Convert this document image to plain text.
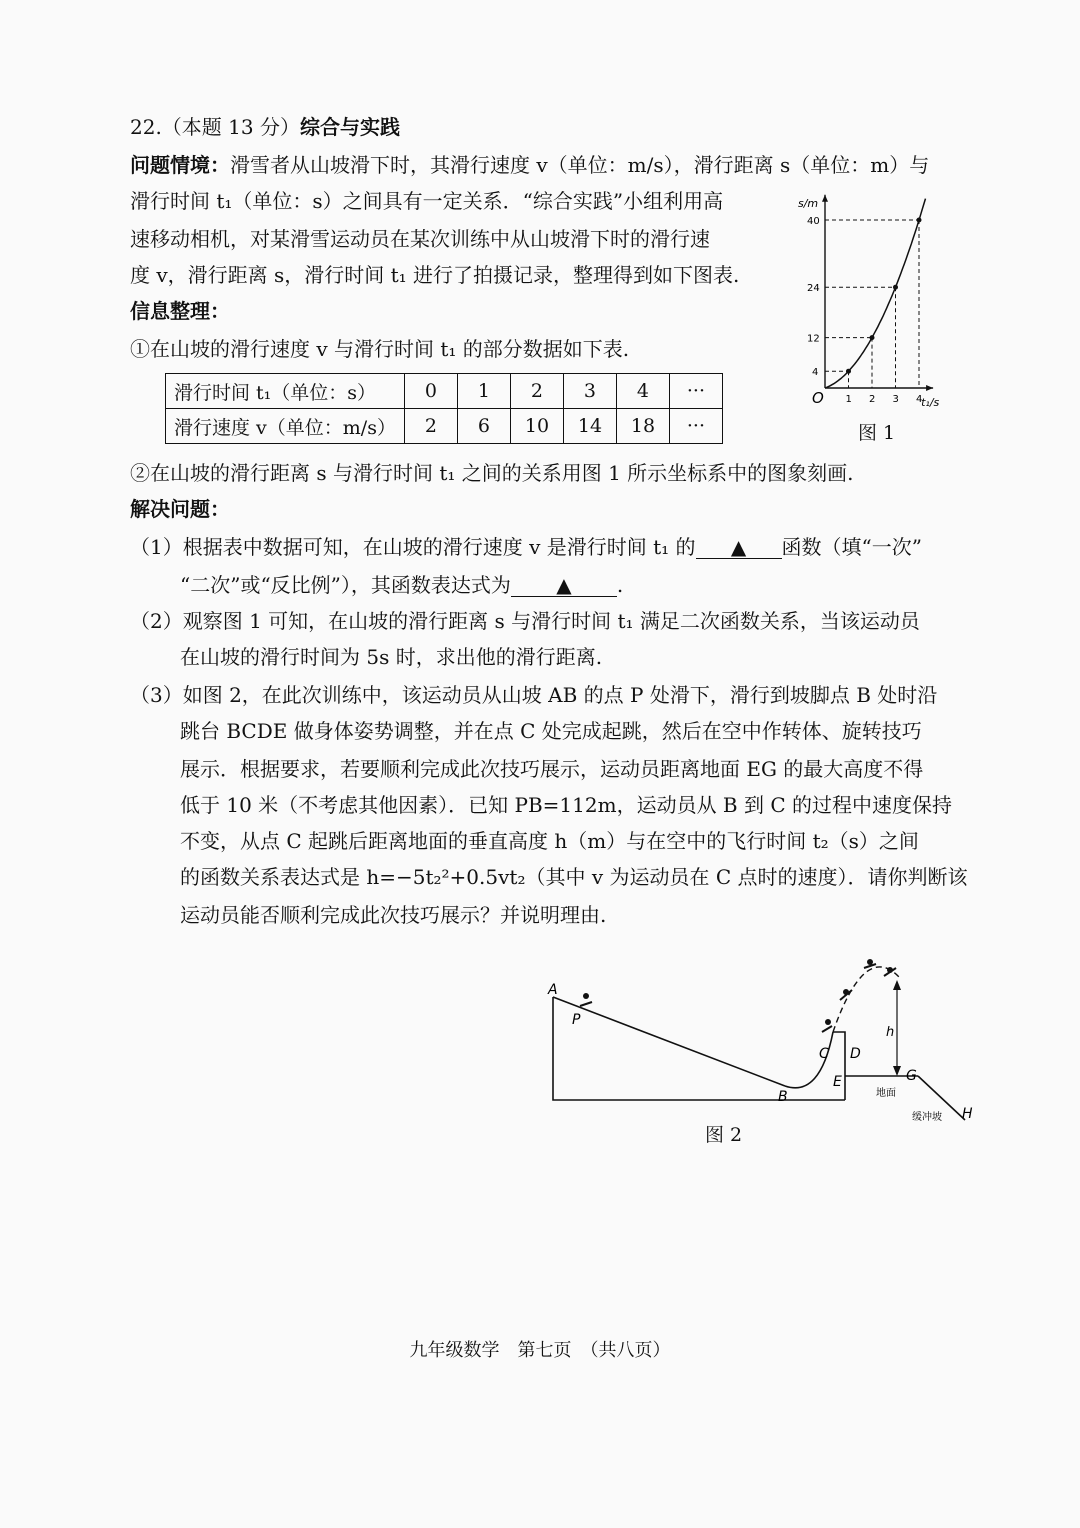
22.（本题 13 分）综合与实践
问题情境：滑雪者从山坡滑下时，其滑行速度 v（单位：m/s），滑行距离 s（单位：m）与
滑行时间 t₁（单位：s）之间具有一定关系．“综合实践”小组利用高
速移动相机，对某滑雪运动员在某次训练中从山坡滑下时的滑行速
度 v，滑行距离 s，滑行时间 t₁ 进行了拍摄记录，整理得到如下图表.
信息整理：
①在山坡的滑行速度 v 与滑行时间 t₁ 的部分数据如下表.
滑行时间 t₁（单位：s）	0	1	2	3	4	···
滑行速度 v（单位：m/s）	2	6	10	14	18	···
1 2 3 4
4
12
24
40
O
s/m
t₁/s
图 1
②在山坡的滑行距离 s 与滑行时间 t₁ 之间的关系用图 1 所示坐标系中的图象刻画.
解决问题：
（1）根据表中数据可知，在山坡的滑行速度 v 是滑行时间 t₁ 的 ▲ 函数（填“一次”
“二次”或“反比例”），其函数表达式为 ▲ .
（2）观察图 1 可知，在山坡的滑行距离 s 与滑行时间 t₁ 满足二次函数关系，当该运动员
在山坡的滑行时间为 5s 时，求出他的滑行距离.
（3）如图 2，在此次训练中，该运动员从山坡 AB 的点 P 处滑下，滑行到坡脚点 B 处时沿
跳台 BCDE 做身体姿势调整，并在点 C 处完成起跳，然后在空中作转体、旋转技巧
展示．根据要求，若要顺利完成此次技巧展示，运动员距离地面 EG 的最大高度不得
低于 10 米（不考虑其他因素）．已知 PB=112m，运动员从 B 到 C 的过程中速度保持
不变，从点 C 起跳后距离地面的垂直高度 h（m）与在空中的飞行时间 t₂（s）之间
的函数关系表达式是 h=−5t₂²+0.5vt₂（其中 v 为运动员在 C 点时的速度）．请你判断该
运动员能否顺利完成此次技巧展示？并说明理由.
A
P
B
C D
E	G
H
h
地面
缓冲坡
图 2
九年级数学　第七页　（共八页）
